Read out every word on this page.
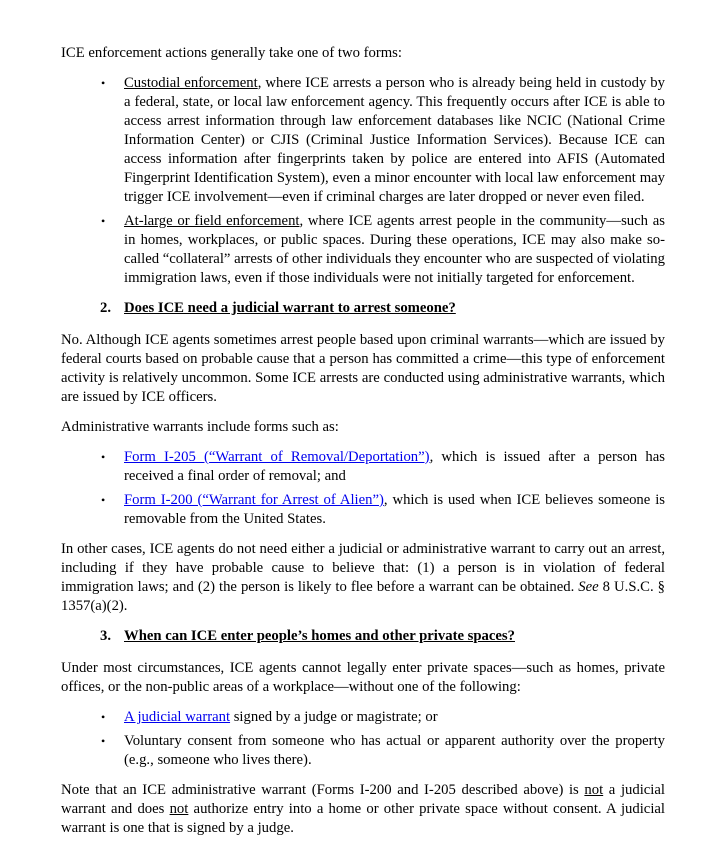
ICE enforcement actions generally take one of two forms:

• Custodial enforcement, where ICE arrests a person who is already being held in custody by a federal, state, or local law enforcement agency. This frequently occurs after ICE is able to access arrest information through law enforcement databases like NCIC (National Crime Information Center) or CJIS (Criminal Justice Information Services). Because ICE can access information after fingerprints taken by police are entered into AFIS (Automated Fingerprint Identification System), even a minor encounter with local law enforcement may trigger ICE involvement—even if criminal charges are later dropped or never even filed.
• At-large or field enforcement, where ICE agents arrest people in the community—such as in homes, workplaces, or public spaces. During these operations, ICE may also make so-called “collateral” arrests of other individuals they encounter who are suspected of violating immigration laws, even if those individuals were not initially targeted for enforcement.
2. Does ICE need a judicial warrant to arrest someone?

No. Although ICE agents sometimes arrest people based upon criminal warrants—which are issued by federal courts based on probable cause that a person has committed a crime—this type of enforcement activity is relatively uncommon. Some ICE arrests are conducted using administrative warrants, which are issued by ICE officers.

Administrative warrants include forms such as:

• Form I-205 (“Warrant of Removal/Deportation”), which is issued after a person has received a final order of removal; and
• Form I-200 (“Warrant for Arrest of Alien”), which is used when ICE believes someone is removable from the United States.

In other cases, ICE agents do not need either a judicial or administrative warrant to carry out an arrest, including if they have probable cause to believe that: (1) a person is in violation of federal immigration laws; and (2) the person is likely to flee before a warrant can be obtained. See 8 U.S.C. § 1357(a)(2).

3. When can ICE enter people’s homes and other private spaces?

Under most circumstances, ICE agents cannot legally enter private spaces—such as homes, private offices, or the non-public areas of a workplace—without one of the following:

• A judicial warrant signed by a judge or magistrate; or
• Voluntary consent from someone who has actual or apparent authority over the property (e.g., someone who lives there).

Note that an ICE administrative warrant (Forms I-200 and I-205 described above) is not a judicial warrant and does not authorize entry into a home or other private space without consent. A judicial warrant is one that is signed by a judge.
